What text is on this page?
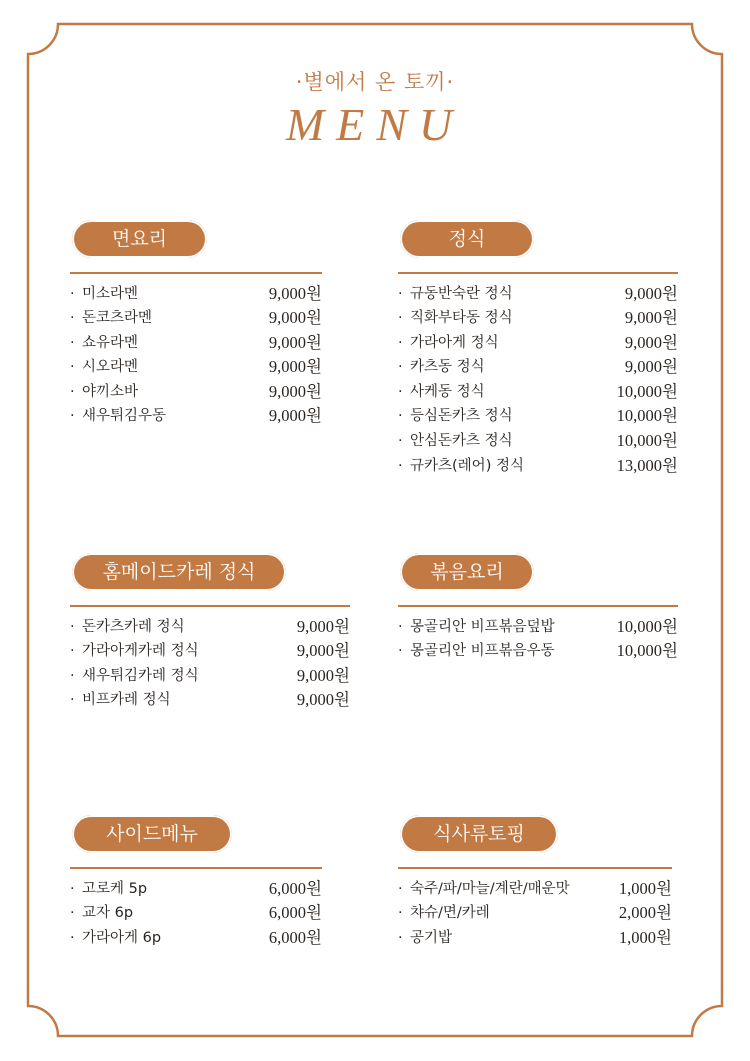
·별에서 온 토끼·
MENU
면요리
· 미소라멘	9,000원
· 돈코츠라멘	9,000원
· 쇼유라멘	9,000원
· 시오라멘	9,000원
· 야끼소바	9,000원
· 새우튀김우동	9,000원
정식
· 규동반숙란 정식	9,000원
· 직화부타동 정식	9,000원
· 가라아게 정식	9,000원
· 카츠동 정식	9,000원
· 사케동 정식	10,000원
· 등심돈카츠 정식	10,000원
· 안심돈카츠 정식	10,000원
· 규카츠(레어) 정식	13,000원
홈메이드카레 정식
· 돈카츠카레 정식	9,000원
· 가라아게카레 정식	9,000원
· 새우튀김카레 정식	9,000원
· 비프카레 정식	9,000원
볶음요리
· 몽골리안 비프볶음덮밥	10,000원
· 몽골리안 비프볶음우동	10,000원
사이드메뉴
· 고로케 5p	6,000원
· 교자 6p	6,000원
· 가라아게 6p	6,000원
식사류토핑
· 숙주/파/마늘/계란/매운맛	1,000원
· 챠슈/면/카레	2,000원
· 공기밥	1,000원
